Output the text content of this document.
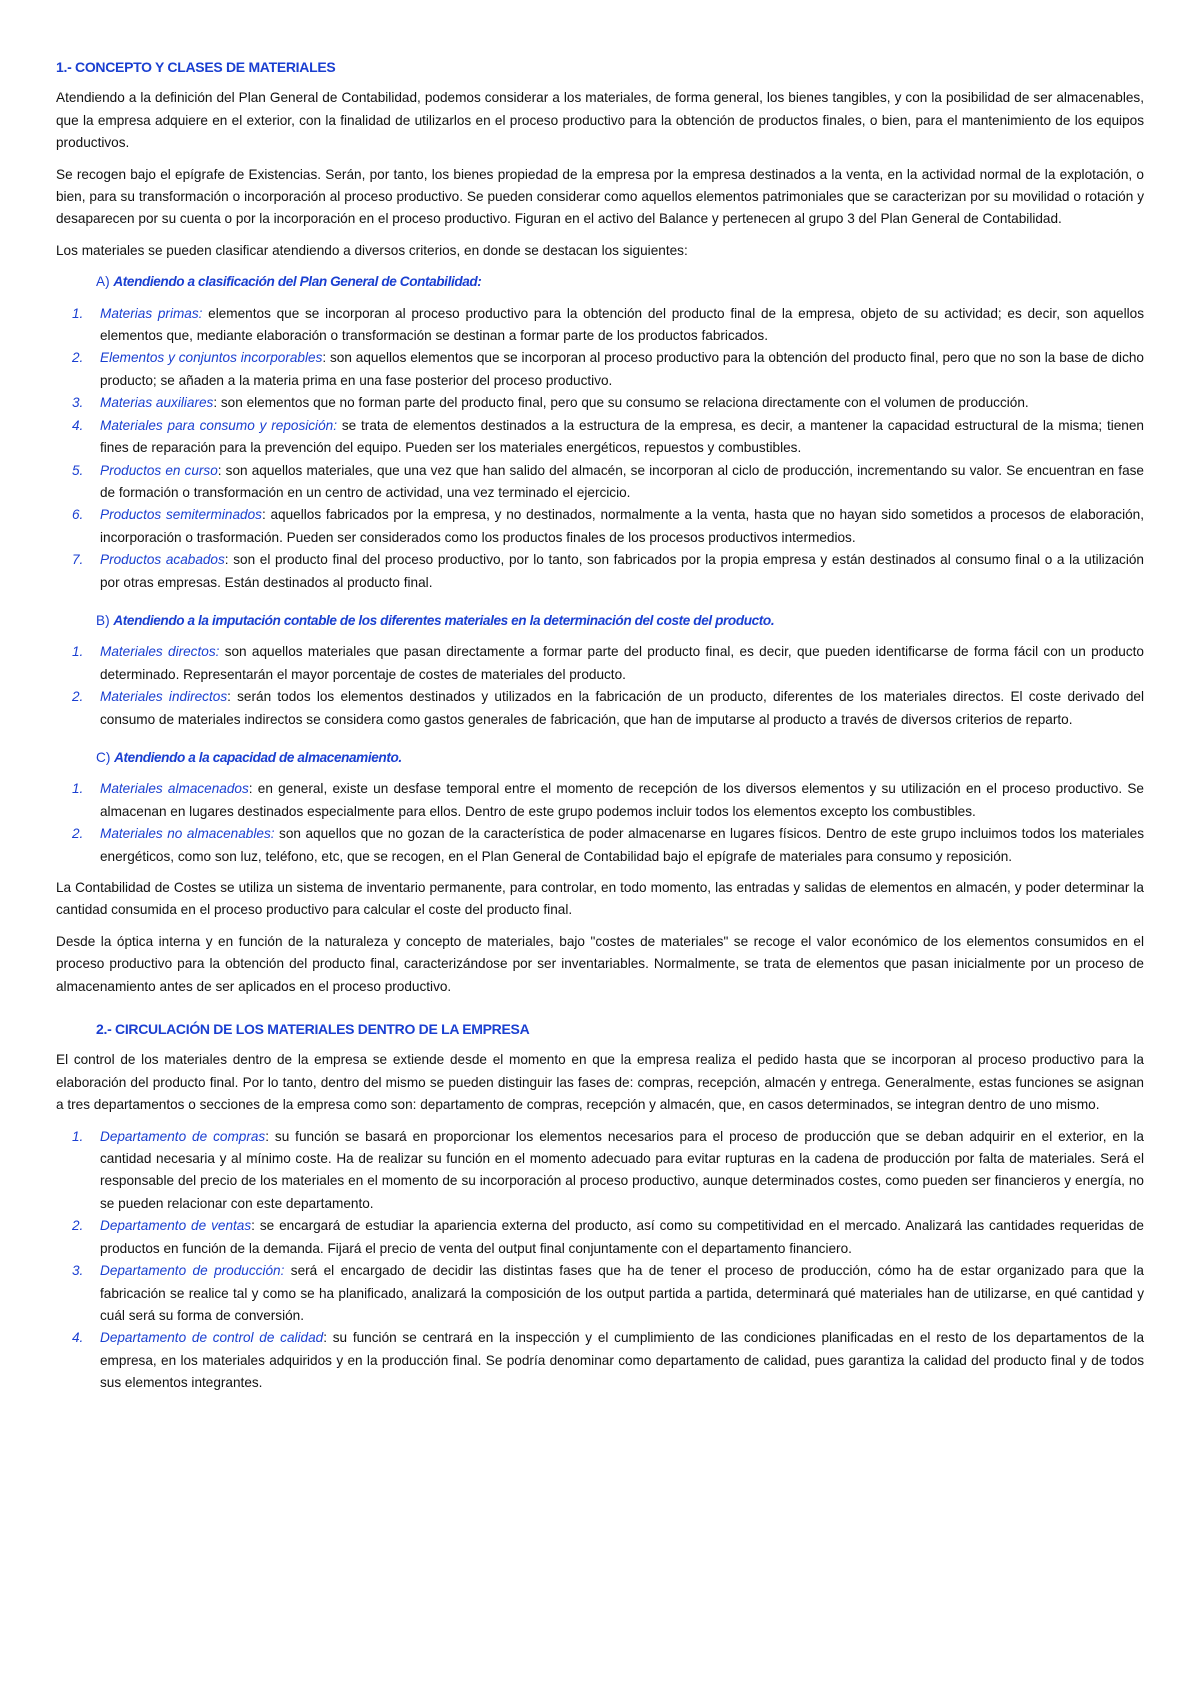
1.- CONCEPTO Y CLASES DE MATERIALES

Atendiendo a la definición del Plan General de Contabilidad, podemos considerar a los materiales, de forma general, los bienes tangibles, y con la posibilidad de ser almacenables, que la empresa adquiere en el exterior, con la finalidad de utilizarlos en el proceso productivo para la obtención de productos finales, o bien, para el mantenimiento de los equipos productivos.

Se recogen bajo el epígrafe de Existencias. Serán, por tanto, los bienes propiedad de la empresa por la empresa destinados a la venta, en la actividad normal de la explotación, o bien, para su transformación o incorporación al proceso productivo. Se pueden considerar como aquellos elementos patrimoniales que se caracterizan por su movilidad o rotación y desaparecen por su cuenta o por la incorporación en el proceso productivo. Figuran en el activo del Balance y pertenecen al grupo 3 del Plan General de Contabilidad.

Los materiales se pueden clasificar atendiendo a diversos criterios, en donde se destacan los siguientes:

A) Atendiendo a clasificación del Plan General de Contabilidad:
1.	Materias primas: elementos que se incorporan al proceso productivo para la obtención del producto final de la empresa, objeto de su actividad; es decir, son aquellos elementos que, mediante elaboración o transformación se destinan a formar parte de los productos fabricados.
2.	Elementos y conjuntos incorporables: son aquellos elementos que se incorporan al proceso productivo para la obtención del producto final, pero que no son la base de dicho producto; se añaden a la materia prima en una fase posterior del proceso productivo.
3.	Materias auxiliares: son elementos que no forman parte del producto final, pero que su consumo se relaciona directamente con el volumen de producción.
4.	Materiales para consumo y reposición: se trata de elementos destinados a la estructura de la empresa, es decir, a mantener la capacidad estructural de la misma; tienen fines de reparación para la prevención del equipo. Pueden ser los materiales energéticos, repuestos y combustibles.
5.	Productos en curso: son aquellos materiales, que una vez que han salido del almacén, se incorporan al ciclo de producción, incrementando su valor. Se encuentran en fase de formación o transformación en un centro de actividad, una vez terminado el ejercicio.
6.	Productos semiterminados: aquellos fabricados por la empresa, y no destinados, normalmente a la venta, hasta que no hayan sido sometidos a procesos de elaboración, incorporación o trasformación. Pueden ser considerados como los productos finales de los procesos productivos intermedios.
7.	Productos acabados: son el producto final del proceso productivo, por lo tanto, son fabricados por la propia empresa y están destinados al consumo final o a la utilización por otras empresas. Están destinados al producto final.
B) Atendiendo a la imputación contable de los diferentes materiales en la determinación del coste del producto.
1.	Materiales directos: son aquellos materiales que pasan directamente a formar parte del producto final, es decir, que pueden identificarse de forma fácil con un producto determinado. Representarán el mayor porcentaje de costes de materiales del producto.
2.	Materiales indirectos: serán todos los elementos destinados y utilizados en la fabricación de un producto, diferentes de los materiales directos. El coste derivado del consumo de materiales indirectos se considera como gastos generales de fabricación, que han de imputarse al producto a través de diversos criterios de reparto.
C) Atendiendo a la capacidad de almacenamiento.
1.	Materiales almacenados: en general, existe un desfase temporal entre el momento de recepción de los diversos elementos y su utilización en el proceso productivo. Se almacenan en lugares destinados especialmente para ellos. Dentro de este grupo podemos incluir todos los elementos excepto los combustibles.
2.	Materiales no almacenables: son aquellos que no gozan de la característica de poder almacenarse en lugares físicos. Dentro de este grupo incluimos todos los materiales energéticos, como son luz, teléfono, etc, que se recogen, en el Plan General de Contabilidad bajo el epígrafe de materiales para consumo y reposición.

La Contabilidad de Costes se utiliza un sistema de inventario permanente, para controlar, en todo momento, las entradas y salidas de elementos en almacén, y poder determinar la cantidad consumida en el proceso productivo para calcular el coste del producto final.

Desde la óptica interna y en función de la naturaleza y concepto de materiales, bajo "costes de materiales" se recoge el valor económico de los elementos consumidos en el proceso productivo para la obtención del producto final, caracterizándose por ser inventariables. Normalmente, se trata de elementos que pasan inicialmente por un proceso de almacenamiento antes de ser aplicados en el proceso productivo.

2.- CIRCULACIÓN DE LOS MATERIALES DENTRO DE LA EMPRESA

El control de los materiales dentro de la empresa se extiende desde el momento en que la empresa realiza el pedido hasta que se incorporan al proceso productivo para la elaboración del producto final. Por lo tanto, dentro del mismo se pueden distinguir las fases de: compras, recepción, almacén y entrega. Generalmente, estas funciones se asignan a tres departamentos o secciones de la empresa como son: departamento de compras, recepción y almacén, que, en casos determinados, se integran dentro de uno mismo.

1.	Departamento de compras: su función se basará en proporcionar los elementos necesarios para el proceso de producción que se deban adquirir en el exterior, en la cantidad necesaria y al mínimo coste. Ha de realizar su función en el momento adecuado para evitar rupturas en la cadena de producción por falta de materiales. Será el responsable del precio de los materiales en el momento de su incorporación al proceso productivo, aunque determinados costes, como pueden ser financieros y energía, no se pueden relacionar con este departamento.
2.	Departamento de ventas: se encargará de estudiar la apariencia externa del producto, así como su competitividad en el mercado. Analizará las cantidades requeridas de productos en función de la demanda. Fijará el precio de venta del output final conjuntamente con el departamento financiero.
3.	Departamento de producción: será el encargado de decidir las distintas fases que ha de tener el proceso de producción, cómo ha de estar organizado para que la fabricación se realice tal y como se ha planificado, analizará la composición de los output partida a partida, determinará qué materiales han de utilizarse, en qué cantidad y cuál será su forma de conversión.
4.	Departamento de control de calidad: su función se centrará en la inspección y el cumplimiento de las condiciones planificadas en el resto de los departamentos de la empresa, en los materiales adquiridos y en la producción final. Se podría denominar como departamento de calidad, pues garantiza la calidad del producto final y de todos sus elementos integrantes.
